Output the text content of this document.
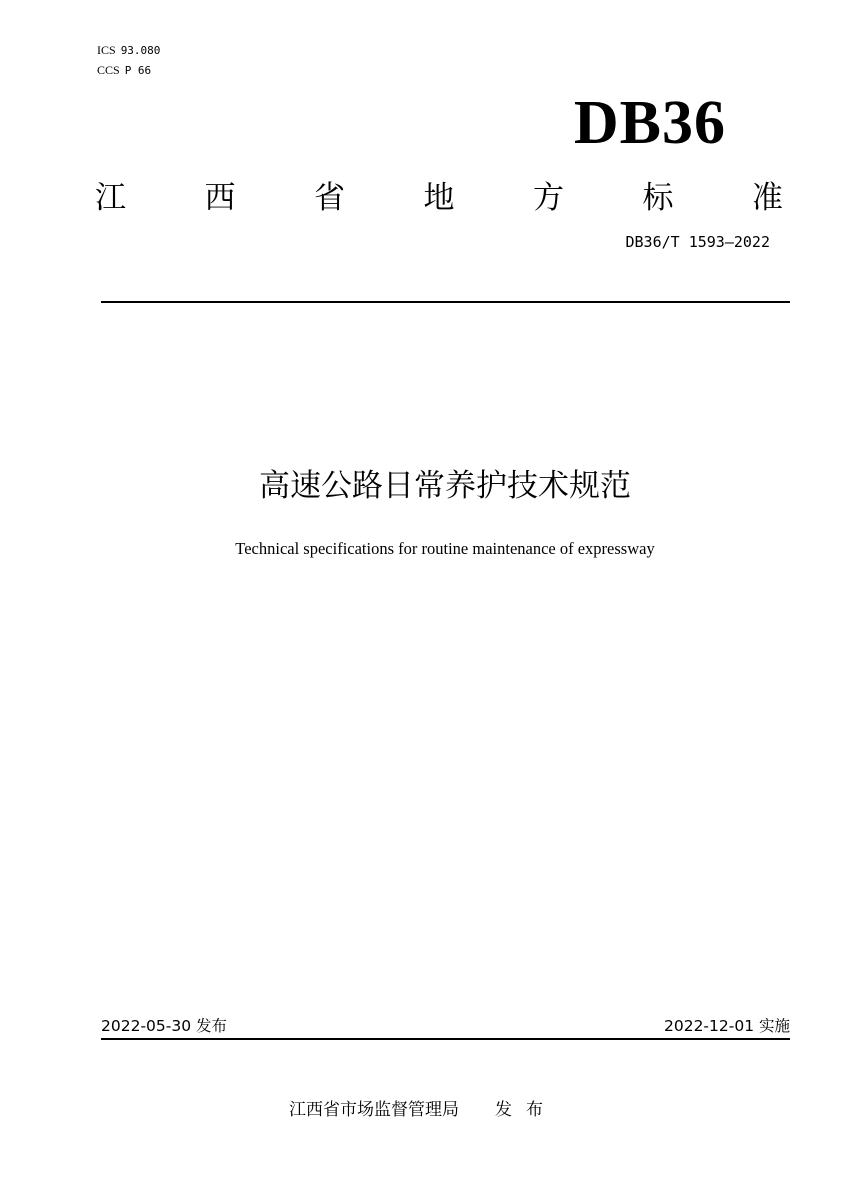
ICS 93.080
CCS P 66
DB36
江	西	省	地	方	标	准
DB36/T 1593—2022
高速公路日常养护技术规范
Technical specifications for routine maintenance of expressway
2022-05-30 发布	2022-12-01 实施
江西省市场监督管理局 发布
